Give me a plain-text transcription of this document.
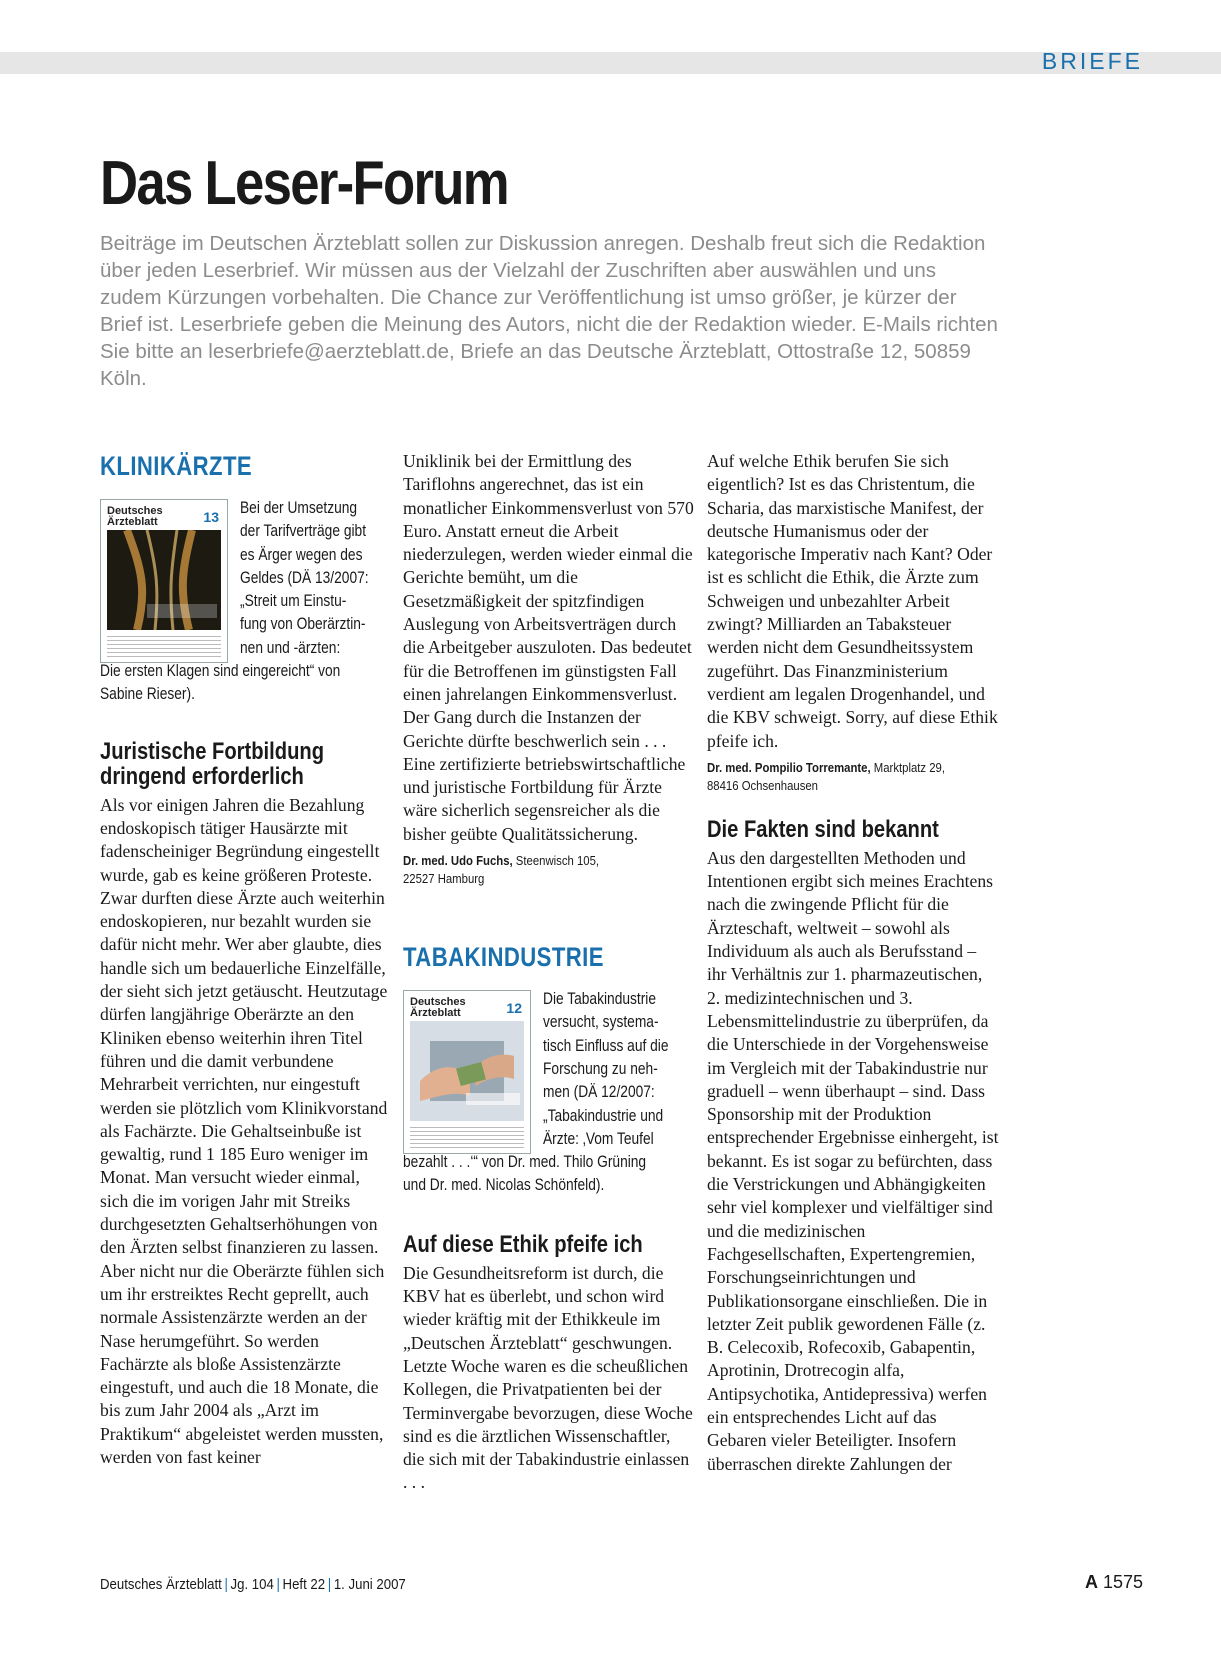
BRIEFE
Das Leser-Forum

Beiträge im Deutschen Ärzteblatt sollen zur Diskussion anregen. Deshalb freut sich die Redaktion über jeden Leserbrief. Wir müssen aus der Vielzahl der Zuschriften aber auswählen und uns zudem Kürzungen vorbehalten. Die Chance zur Veröffentlichung ist umso größer, je kürzer der Brief ist. Leserbriefe geben die Meinung des Autors, nicht die der Redaktion wieder. E-Mails richten Sie bitte an leserbriefe@aerzteblatt.de, Briefe an das Deutsche Ärzteblatt, Ottostraße 12, 50859 Köln.

KLINIKÄRZTE
Deutsches
Ärzteblatt	13 Bei der Umsetzung
der Tarifverträge gibt
es Ärger wegen des
Geldes (DÄ 13/2007:
„Streit um Einstu-
fung von Oberärztin-
nen und -ärzten:
Die ersten Klagen sind eingereicht“ von
Sabine Rieser).
Juristische Fortbildung
dringend erforderlich

Als vor einigen Jahren die Bezahlung endoskopisch tätiger Hausärzte mit fadenscheiniger Begründung eingestellt wurde, gab es keine größeren Proteste. Zwar durften diese Ärzte auch weiterhin endoskopieren, nur bezahlt wurden sie dafür nicht mehr. Wer aber glaubte, dies handle sich um bedauerliche Einzelfälle, der sieht sich jetzt getäuscht. Heutzutage dürfen langjährige Oberärzte an den Kliniken ebenso weiterhin ihren Titel führen und die damit verbundene Mehrarbeit verrichten, nur eingestuft werden sie plötzlich vom Klinikvorstand als Fachärzte. Die Gehaltseinbuße ist gewaltig, rund 1 185 Euro weniger im Monat. Man versucht wieder einmal, sich die im vorigen Jahr mit Streiks durchgesetzten Gehaltserhöhungen von den Ärzten selbst finanzieren zu lassen. Aber nicht nur die Oberärzte fühlen sich um ihr erstreiktes Recht geprellt, auch normale Assistenzärzte werden an der Nase herumgeführt. So werden Fachärzte als bloße Assistenzärzte eingestuft, und auch die 18 Monate, die bis zum Jahr 2004 als „Arzt im Praktikum“ abgeleistet werden mussten, werden von fast keiner

Uniklinik bei der Ermittlung des Tariflohns angerechnet, das ist ein monatlicher Einkommensverlust von 570 Euro. Anstatt erneut die Arbeit niederzulegen, werden wieder einmal die Gerichte bemüht, um die Gesetzmäßigkeit der spitzfindigen Auslegung von Arbeitsverträgen durch die Arbeitgeber auszuloten. Das bedeutet für die Betroffenen im günstigsten Fall einen jahrelangen Einkommensverlust. Der Gang durch die Instanzen der Gerichte dürfte beschwerlich sein . . . Eine zertifizierte betriebswirtschaftliche und juristische Fortbildung für Ärzte wäre sicherlich segensreicher als die bisher geübte Qualitätssicherung.

Dr. med. Udo Fuchs, Steenwisch 105,
22527 Hamburg
TABAKINDUSTRIE
Deutsches
Ärzteblatt	12 Die Tabakindustrie
versucht, systema-
tisch Einfluss auf die
Forschung zu neh-
men (DÄ 12/2007:
„Tabakindustrie und
Ärzte: ‚Vom Teufel
bezahlt . . .‘“ von Dr. med. Thilo Grüning
und Dr. med. Nicolas Schönfeld).
Auf diese Ethik pfeife ich

Die Gesundheitsreform ist durch, die KBV hat es überlebt, und schon wird wieder kräftig mit der Ethikkeule im „Deutschen Ärzteblatt“ geschwungen. Letzte Woche waren es die scheußlichen Kollegen, die Privatpatienten bei der Terminvergabe bevorzugen, diese Woche sind es die ärztlichen Wissenschaftler, die sich mit der Tabakindustrie einlassen . . .

Auf welche Ethik berufen Sie sich eigentlich? Ist es das Christentum, die Scharia, das marxistische Manifest, der deutsche Humanismus oder der kategorische Imperativ nach Kant? Oder ist es schlicht die Ethik, die Ärzte zum Schweigen und unbezahlter Arbeit zwingt? Milliarden an Tabaksteuer werden nicht dem Gesundheitssystem zugeführt. Das Finanzministerium verdient am legalen Drogenhandel, und die KBV schweigt. Sorry, auf diese Ethik pfeife ich.

Dr. med. Pompilio Torremante, Marktplatz 29,
88416 Ochsenhausen
Die Fakten sind bekannt

Aus den dargestellten Methoden und Intentionen ergibt sich meines Erachtens nach die zwingende Pflicht für die Ärzteschaft, weltweit – sowohl als Individuum als auch als Berufsstand – ihr Verhältnis zur 1. pharmazeutischen, 2. medizintechnischen und 3. Lebensmittelindustrie zu überprüfen, da die Unterschiede in der Vorgehensweise im Vergleich mit der Tabakindustrie nur graduell – wenn überhaupt – sind. Dass Sponsorship mit der Produktion entsprechender Ergebnisse einhergeht, ist bekannt. Es ist sogar zu befürchten, dass die Verstrickungen und Abhängigkeiten sehr viel komplexer und vielfältiger sind und die medizinischen Fachgesellschaften, Expertengremien, Forschungseinrichtungen und Publikationsorgane einschließen. Die in letzter Zeit publik gewordenen Fälle (z. B. Celecoxib, Rofecoxib, Gabapentin, Aprotinin, Drotrecogin alfa, Antipsychotika, Antidepressiva) werfen ein entsprechendes Licht auf das Gebaren vieler Beteiligter. Insofern überraschen direkte Zahlungen der

Deutsches Ärzteblatt | Jg. 104 | Heft 22 | 1. Juni 2007	A 1575
